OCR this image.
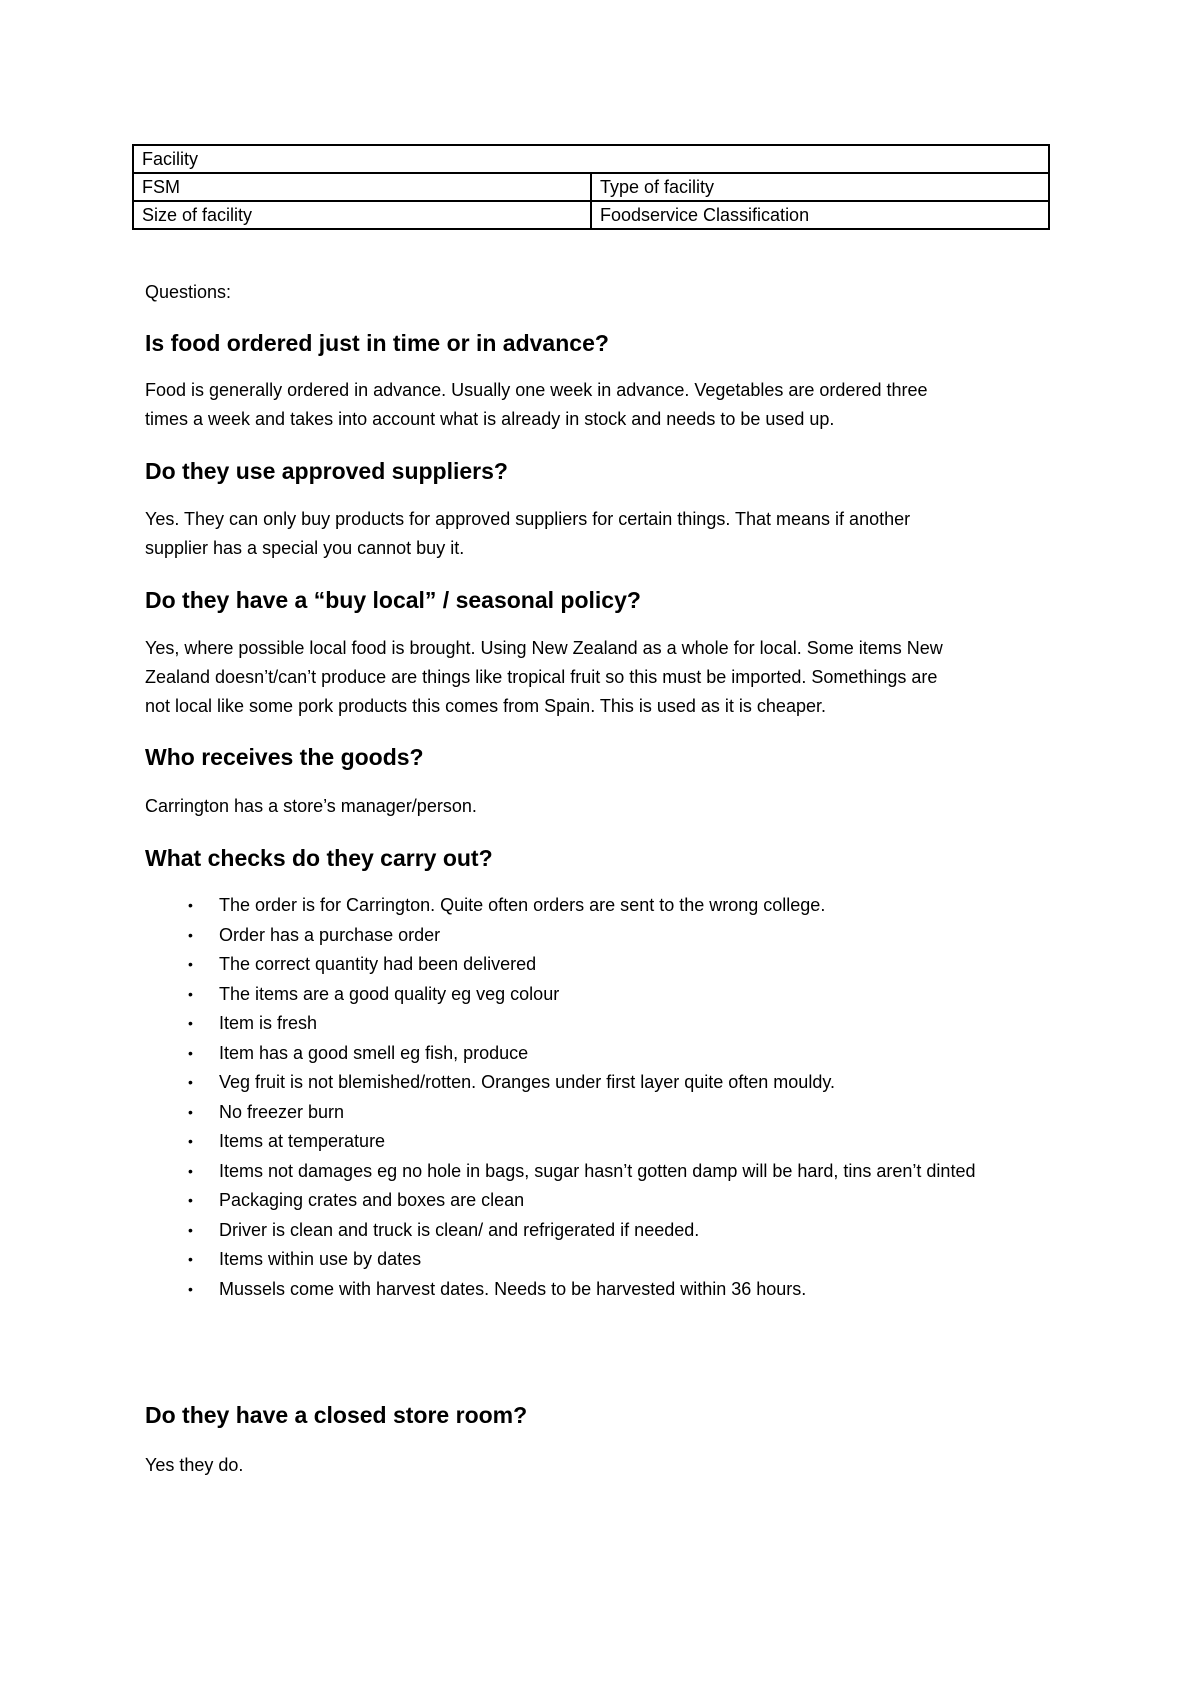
Facility	
FSM	Type of facility
Size of facility	Foodservice Classification
Questions:
Is food ordered just in time or in advance?
Food is generally ordered in advance. Usually one week in advance. Vegetables are ordered three
times a week and takes into account what is already in stock and needs to be used up.
Do they use approved suppliers?
Yes. They can only buy products for approved suppliers for certain things. That means if another
supplier has a special you cannot buy it.
Do they have a “buy local” / seasonal policy?
Yes, where possible local food is brought. Using New Zealand as a whole for local. Some items New
Zealand doesn’t/can’t produce are things like tropical fruit so this must be imported. Somethings are
not local like some pork products this comes from Spain. This is used as it is cheaper.
Who receives the goods?
Carrington has a store’s manager/person.
What checks do they carry out?
• The order is for Carrington. Quite often orders are sent to the wrong college.
• Order has a purchase order
• The correct quantity had been delivered
• The items are a good quality eg veg colour
• Item is fresh
• Item has a good smell eg fish, produce
• Veg fruit is not blemished/rotten. Oranges under first layer quite often mouldy.
• No freezer burn
• Items at temperature
• Items not damages eg no hole in bags, sugar hasn’t gotten damp will be hard, tins aren’t dinted
• Packaging crates and boxes are clean
• Driver is clean and truck is clean/ and refrigerated if needed.
• Items within use by dates
• Mussels come with harvest dates. Needs to be harvested within 36 hours.
Do they have a closed store room?
Yes they do.
